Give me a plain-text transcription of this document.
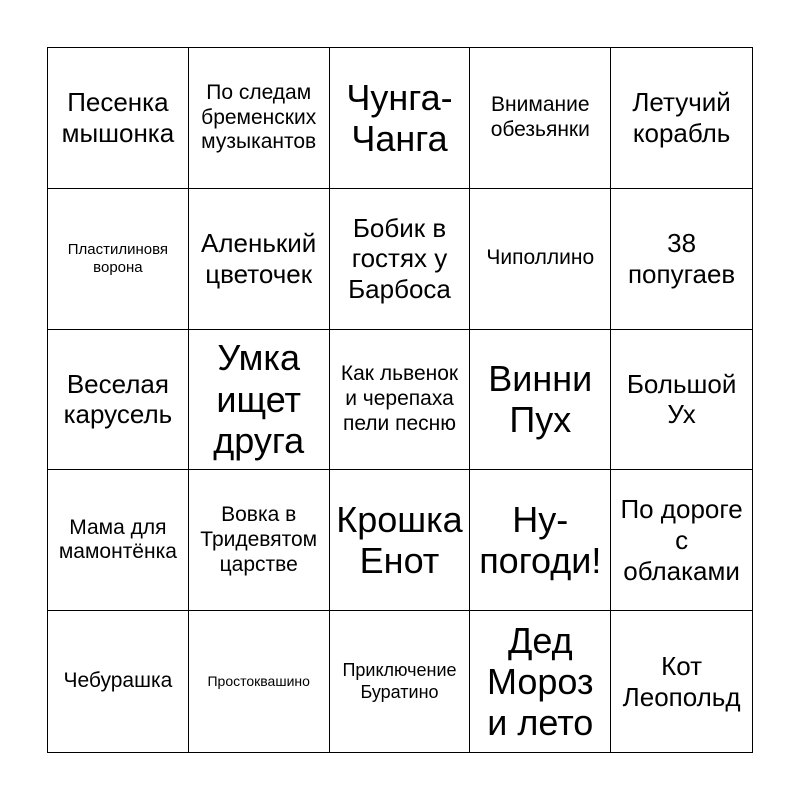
Песенка мышонка
По следам бременских музыкантов
Чунга-Чанга
Внимание обезьянки
Летучий корабль
Пластилиновя ворона
Аленький цветочек
Бобик в гостях у Барбоса
Чиполлино	38 попугаев
Веселая карусель
Умка ищет друга
Как львенок и черепаха пели песню
Винни Пух
Большой Ух
Мама для мамонтёнка
Вовка в Тридевятом царстве
Крошка Енот
Ну-погоди!
По дороге с облаками
Чебурашка	Простоквашино
Приключение Буратино
Дед Мороз и лето
Кот Леопольд
